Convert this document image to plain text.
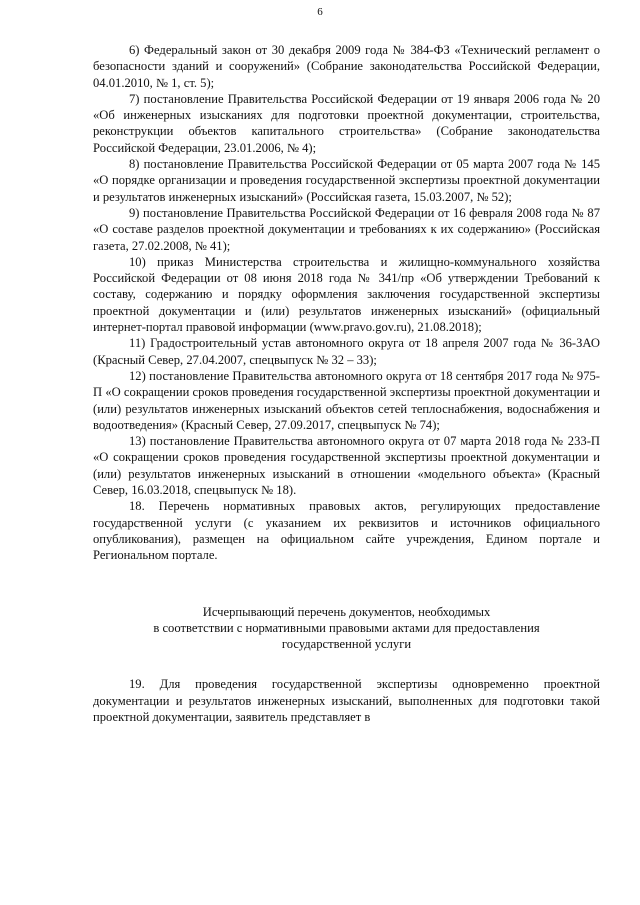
6

6) Федеральный закон от 30 декабря 2009 года № 384-ФЗ «Технический регламент о безопасности зданий и сооружений» (Собрание законодательства Российской Федерации, 04.01.2010, № 1, ст. 5);

7) постановление Правительства Российской Федерации от 19 января 2006 года № 20 «Об инженерных изысканиях для подготовки проектной документации, строительства, реконструкции объектов капитального строительства» (Собрание законодательства Российской Федерации, 23.01.2006, № 4);

8) постановление Правительства Российской Федерации от 05 марта 2007 года № 145 «О порядке организации и проведения государственной экспертизы проектной документации и результатов инженерных изысканий» (Российская газета, 15.03.2007, № 52);

9) постановление Правительства Российской Федерации от 16 февраля 2008 года № 87 «О составе разделов проектной документации и требованиях к их содержанию» (Российская газета, 27.02.2008, № 41);

10) приказ Министерства строительства и жилищно-коммунального хозяйства Российской Федерации от 08 июня 2018 года № 341/пр «Об утверждении Требований к составу, содержанию и порядку оформления заключения государственной экспертизы проектной документации и (или) результатов инженерных изысканий» (официальный интернет-портал правовой информации (www.pravo.gov.ru), 21.08.2018);

11) Градостроительный устав автономного округа от 18 апреля 2007 года № 36-ЗАО (Красный Север, 27.04.2007, спецвыпуск № 32 – 33);

12) постановление Правительства автономного округа от 18 сентября 2017 года № 975-П «О сокращении сроков проведения государственной экспертизы проектной документации и (или) результатов инженерных изысканий объектов сетей теплоснабжения, водоснабжения и водоотведения» (Красный Север, 27.09.2017, спецвыпуск № 74);

13) постановление Правительства автономного округа от 07 марта 2018 года № 233-П «О сокращении сроков проведения государственной экспертизы проектной документации и (или) результатов инженерных изысканий в отношении «модельного объекта» (Красный Север, 16.03.2018, спецвыпуск № 18).

18. Перечень нормативных правовых актов, регулирующих предоставление государственной услуги (с указанием их реквизитов и источников официального опубликования), размещен на официальном сайте учреждения, Едином портале и Региональном портале.

Исчерпывающий перечень документов, необходимых
в соответствии с нормативными правовыми актами для предоставления
государственной услуги

19. Для проведения государственной экспертизы одновременно проектной документации и результатов инженерных изысканий, выполненных для подготовки такой проектной документации, заявитель представляет в
